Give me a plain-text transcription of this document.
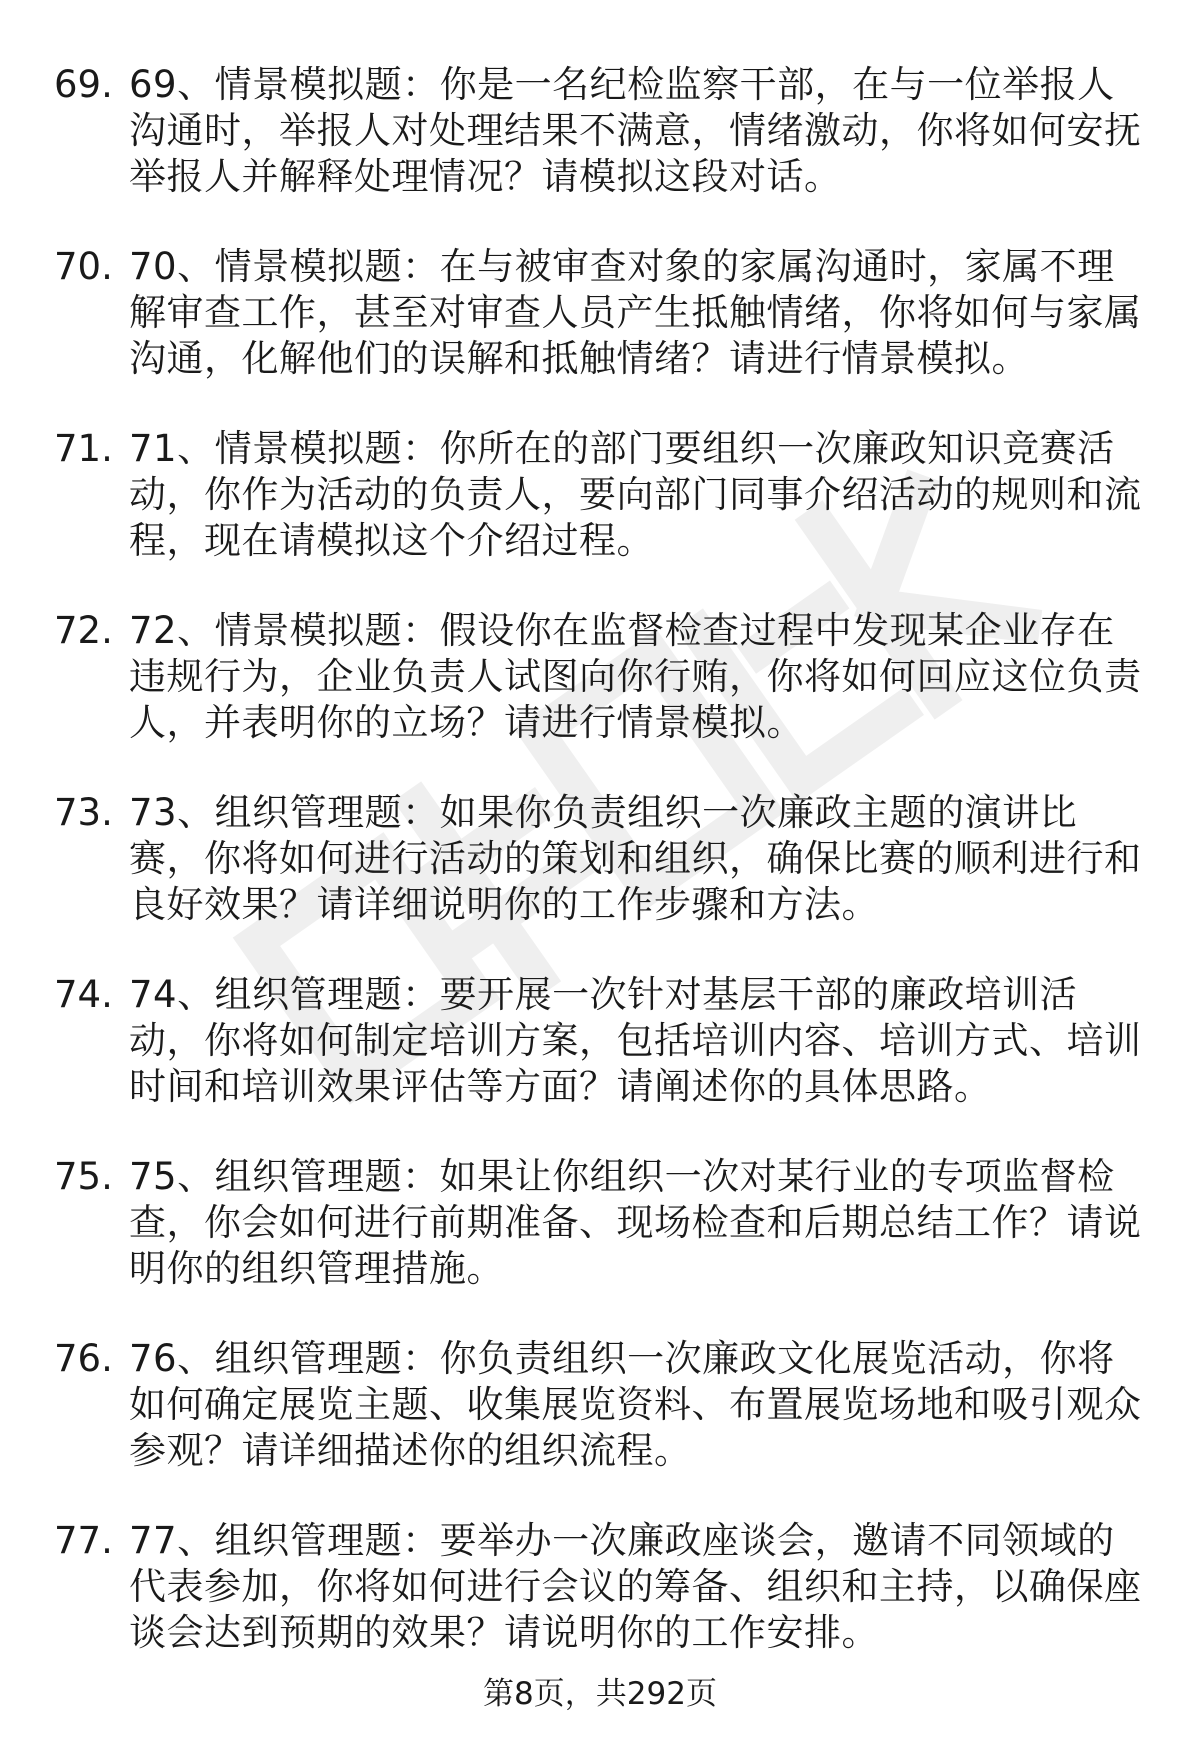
69. 69、情景模拟题：你是一名纪检监察干部，在与一位举报人沟通时，举报人对处理结果不满意，情绪激动，你将如何安抚举报人并解释处理情况？请模拟这段对话。
70. 70、情景模拟题：在与被审查对象的家属沟通时，家属不理解审查工作，甚至对审查人员产生抵触情绪，你将如何与家属沟通，化解他们的误解和抵触情绪？请进行情景模拟。
71. 71、情景模拟题：你所在的部门要组织一次廉政知识竞赛活动，你作为活动的负责人，要向部门同事介绍活动的规则和流程，现在请模拟这个介绍过程。
72. 72、情景模拟题：假设你在监督检查过程中发现某企业存在违规行为，企业负责人试图向你行贿，你将如何回应这位负责人，并表明你的立场？请进行情景模拟。
73. 73、组织管理题：如果你负责组织一次廉政主题的演讲比赛，你将如何进行活动的策划和组织，确保比赛的顺利进行和良好效果？请详细说明你的工作步骤和方法。
74. 74、组织管理题：要开展一次针对基层干部的廉政培训活动，你将如何制定培训方案，包括培训内容、培训方式、培训时间和培训效果评估等方面？请阐述你的具体思路。
75. 75、组织管理题：如果让你组织一次对某行业的专项监督检查，你会如何进行前期准备、现场检查和后期总结工作？请说明你的组织管理措施。
76. 76、组织管理题：你负责组织一次廉政文化展览活动，你将如何确定展览主题、收集展览资料、布置展览场地和吸引观众参观？请详细描述你的组织流程。
77. 77、组织管理题：要举办一次廉政座谈会，邀请不同领域的代表参加，你将如何进行会议的筹备、组织和主持，以确保座谈会达到预期的效果？请说明你的工作安排。
第8页，共292页
